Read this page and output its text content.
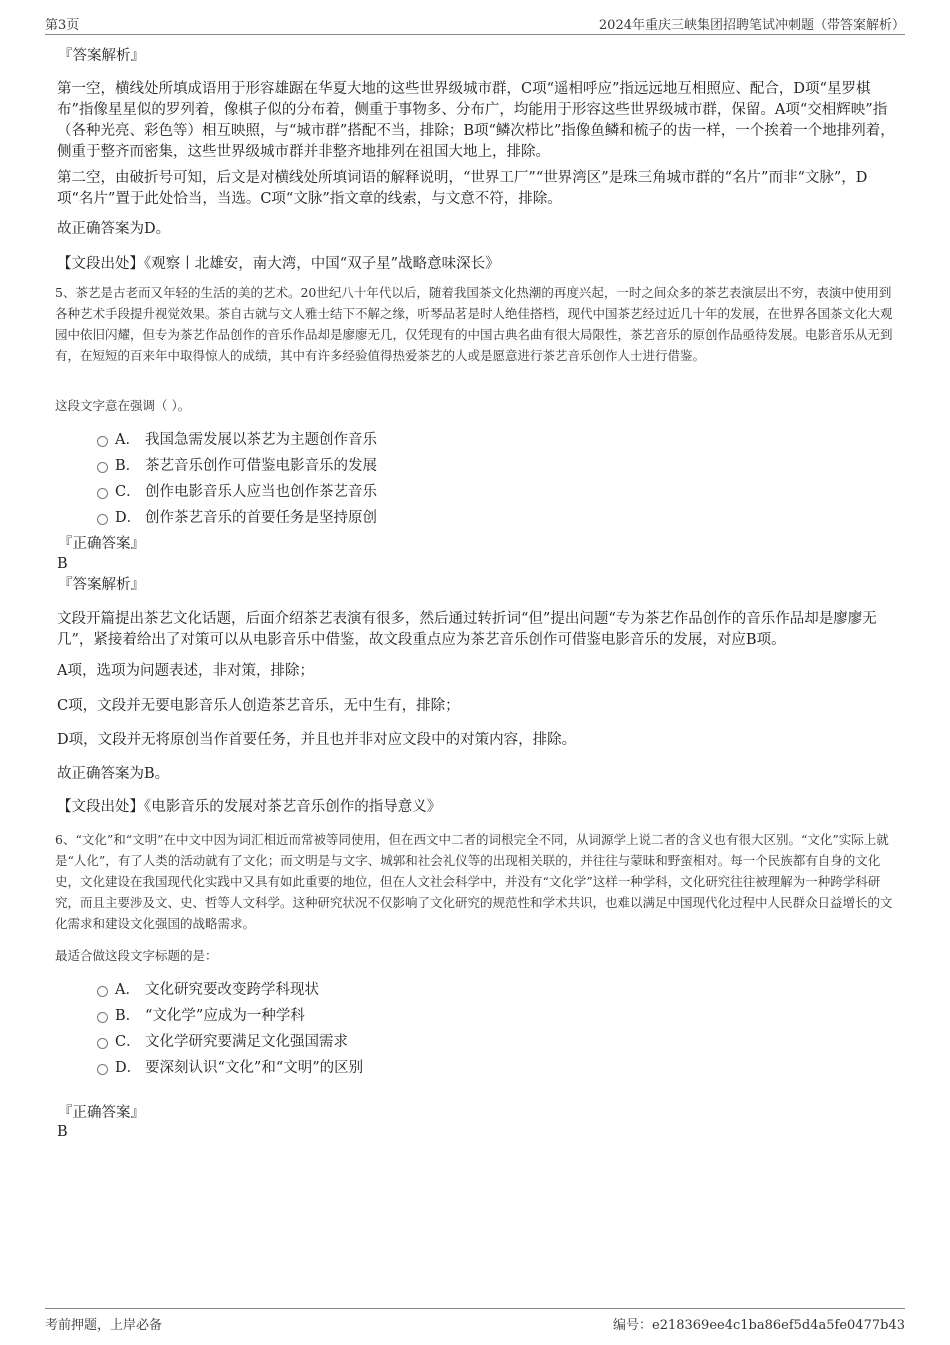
第3页	2024年重庆三峡集团招聘笔试冲刺题（带答案解析）

『答案解析』

第一空，横线处所填成语用于形容雄踞在华夏大地的这些世界级城市群，C项“遥相呼应”指远远地互相照应、配合，D项“星罗棋布”指像星星似的罗列着，像棋子似的分布着，侧重于事物多、分布广，均能用于形容这些世界级城市群，保留。A项“交相辉映”指（各种光亮、彩色等）相互映照，与“城市群”搭配不当，排除；B项“鳞次栉比”指像鱼鳞和梳子的齿一样，一个挨着一个地排列着，侧重于整齐而密集，这些世界级城市群并非整齐地排列在祖国大地上，排除。

第二空，由破折号可知，后文是对横线处所填词语的解释说明，“世界工厂”“世界湾区”是珠三角城市群的“名片”而非“文脉”，D项“名片”置于此处恰当，当选。C项“文脉”指文章的线索，与文意不符，排除。

故正确答案为D。

【文段出处】《观察丨北雄安，南大湾，中国“双子星”战略意味深长》

5、茶艺是古老而又年轻的生活的美的艺术。20世纪八十年代以后，随着我国茶文化热潮的再度兴起，一时之间众多的茶艺表演层出不穷，表演中使用到各种艺术手段提升视觉效果。茶自古就与文人雅士结下不解之缘，听琴品茗是时人绝佳搭档，现代中国茶艺经过近几十年的发展，在世界各国茶文化大观园中依旧闪耀，但专为茶艺作品创作的音乐作品却是廖廖无几，仅凭现有的中国古典名曲有很大局限性，茶艺音乐的原创作品亟待发展。电影音乐从无到有，在短短的百来年中取得惊人的成绩，其中有许多经验值得热爱茶艺的人或是愿意进行茶艺音乐创作人士进行借鉴。

这段文字意在强调（ ）。

A． 我国急需发展以茶艺为主题创作音乐
B． 茶艺音乐创作可借鉴电影音乐的发展
C． 创作电影音乐人应当也创作茶艺音乐
D． 创作茶艺音乐的首要任务是坚持原创

『正确答案』

B

『答案解析』

文段开篇提出茶艺文化话题，后面介绍茶艺表演有很多，然后通过转折词“但”提出问题“专为茶艺作品创作的音乐作品却是廖廖无几”，紧接着给出了对策可以从电影音乐中借鉴，故文段重点应为茶艺音乐创作可借鉴电影音乐的发展，对应B项。

A项，选项为问题表述，非对策，排除；

C项，文段并无要电影音乐人创造茶艺音乐，无中生有，排除；

D项，文段并无将原创当作首要任务，并且也并非对应文段中的对策内容，排除。

故正确答案为B。

【文段出处】《电影音乐的发展对茶艺音乐创作的指导意义》

6、“文化”和“文明”在中文中因为词汇相近而常被等同使用，但在西文中二者的词根完全不同，从词源学上说二者的含义也有很大区别。“文化”实际上就是“人化”，有了人类的活动就有了文化；而文明是与文字、城郭和社会礼仪等的出现相关联的，并往往与蒙昧和野蛮相对。每一个民族都有自身的文化史，文化建设在我国现代化实践中又具有如此重要的地位，但在人文社会科学中，并没有“文化学”这样一种学科，文化研究往往被理解为一种跨学科研究，而且主要涉及文、史、哲等人文科学。这种研究状况不仅影响了文化研究的规范性和学术共识，也难以满足中国现代化过程中人民群众日益增长的文化需求和建设文化强国的战略需求。

最适合做这段文字标题的是：

A． 文化研究要改变跨学科现状
B． “文化学”应成为一种学科
C． 文化学研究要满足文化强国需求
D． 要深刻认识“文化”和“文明”的区别

『正确答案』

B

考前押题，上岸必备	编号：e218369ee4c1ba86ef5d4a5fe0477b43
